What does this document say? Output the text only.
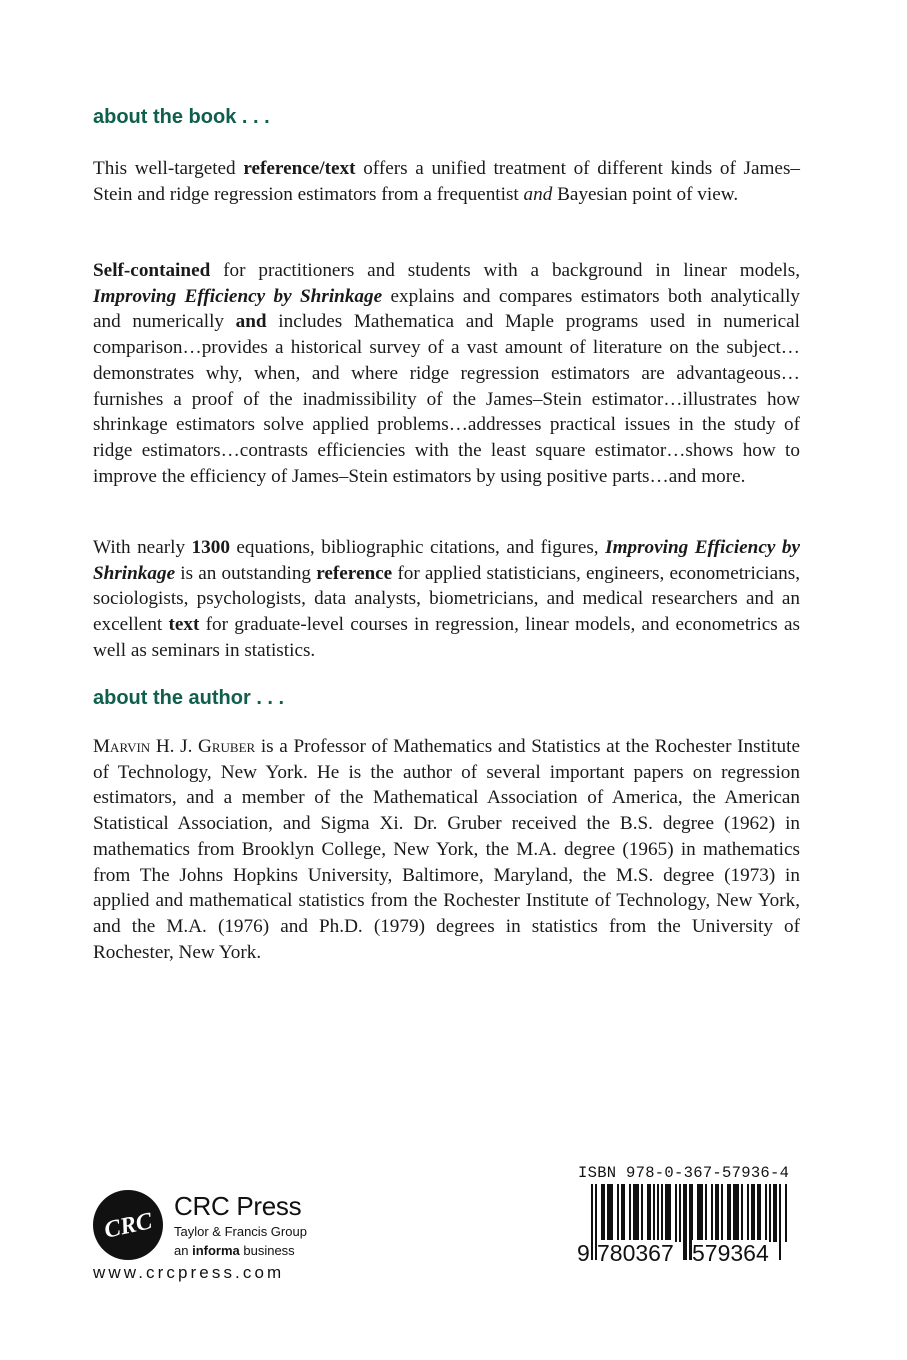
about the book . . .

This well-targeted reference/text offers a unified treatment of different kinds of James–Stein and ridge regression estimators from a frequentist and Bayesian point of view.

Self-contained for practitioners and students with a background in linear models, Improving Efficiency by Shrinkage explains and compares estimators both analytically and numerically and includes Mathematica and Maple programs used in numerical comparison…provides a historical survey of a vast amount of literature on the subject…demonstrates why, when, and where ridge regression estimators are advantageous…furnishes a proof of the inadmissibility of the James–Stein estimator…illustrates how shrinkage estimators solve applied problems…addresses practical issues in the study of ridge estimators…contrasts efficiencies with the least square estimator…shows how to improve the efficiency of James–Stein estimators by using positive parts…and more.

With nearly 1300 equations, bibliographic citations, and figures, Improving Efficiency by Shrinkage is an outstanding reference for applied statisticians, engineers, econometricians, sociologists, psychologists, data analysts, biometricians, and medical researchers and an excellent text for graduate-level courses in regression, linear models, and econometrics as well as seminars in statistics.

about the author . . .

Marvin H. J. Gruber is a Professor of Mathematics and Statistics at the Rochester Institute of Technology, New York. He is the author of several important papers on regression estimators, and a member of the Mathematical Association of America, the American Statistical Association, and Sigma Xi. Dr. Gruber received the B.S. degree (1962) in mathematics from Brooklyn College, New York, the M.A. degree (1965) in mathematics from The Johns Hopkins University, Baltimore, Maryland, the M.S. degree (1973) in applied and mathematical statistics from the Rochester Institute of Technology, New York, and the M.A. (1976) and Ph.D. (1979) degrees in statistics from the University of Rochester, New York.

CRC
CRC Press
Taylor & Francis Group
an informa business
www.crcpress.com
ISBN 978-0-367-57936-4
9 780367 579364
